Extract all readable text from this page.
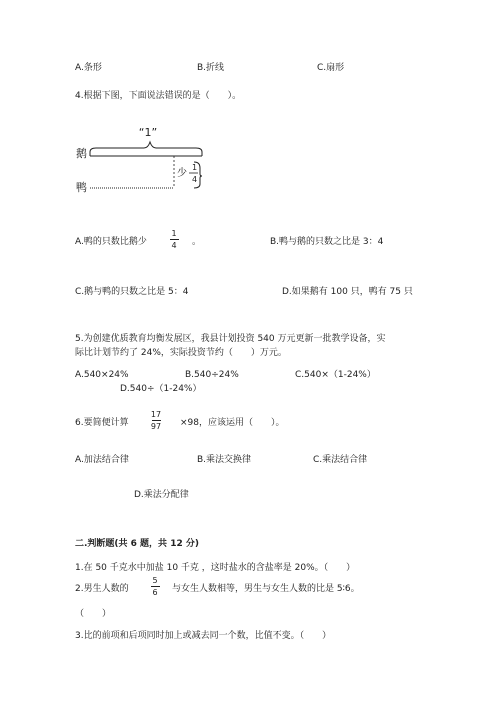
A.条形	B.折线	C.扇形
4.根据下图，下面说法错误的是（　　）。
“1”
鹅
鸭
少
1
4
A.鸭的只数比鹅少
1
4 。	B.鸭与鹅的只数之比是 3：4
C.鹅与鸭的只数之比是 5：4	D.如果鹅有 100 只，鸭有 75 只
5.为创建优质教育均衡发展区，我县计划投资 540 万元更新一批教学设备，实
际比计划节约了 24%，实际投资节约（　　）万元。
A.540×24%	B.540÷24%	C.540×（1-24%）
D.540÷（1-24%）
6.要简便计算
17
97 ×98，应该运用（　　）。
A.加法结合律	B.乘法交换律	C.乘法结合律
D.乘法分配律
二.判断题(共 6 题，共 12 分)
1.在 50 千克水中加盐 10 千克 ，这时盐水的含盐率是 20%。（　　）
2.男生人数的
5
6 与女生人数相等，男生与女生人数的比是 5∶6。
（　　）
3.比的前项和后项同时加上或减去同一个数，比值不变。（　　）
